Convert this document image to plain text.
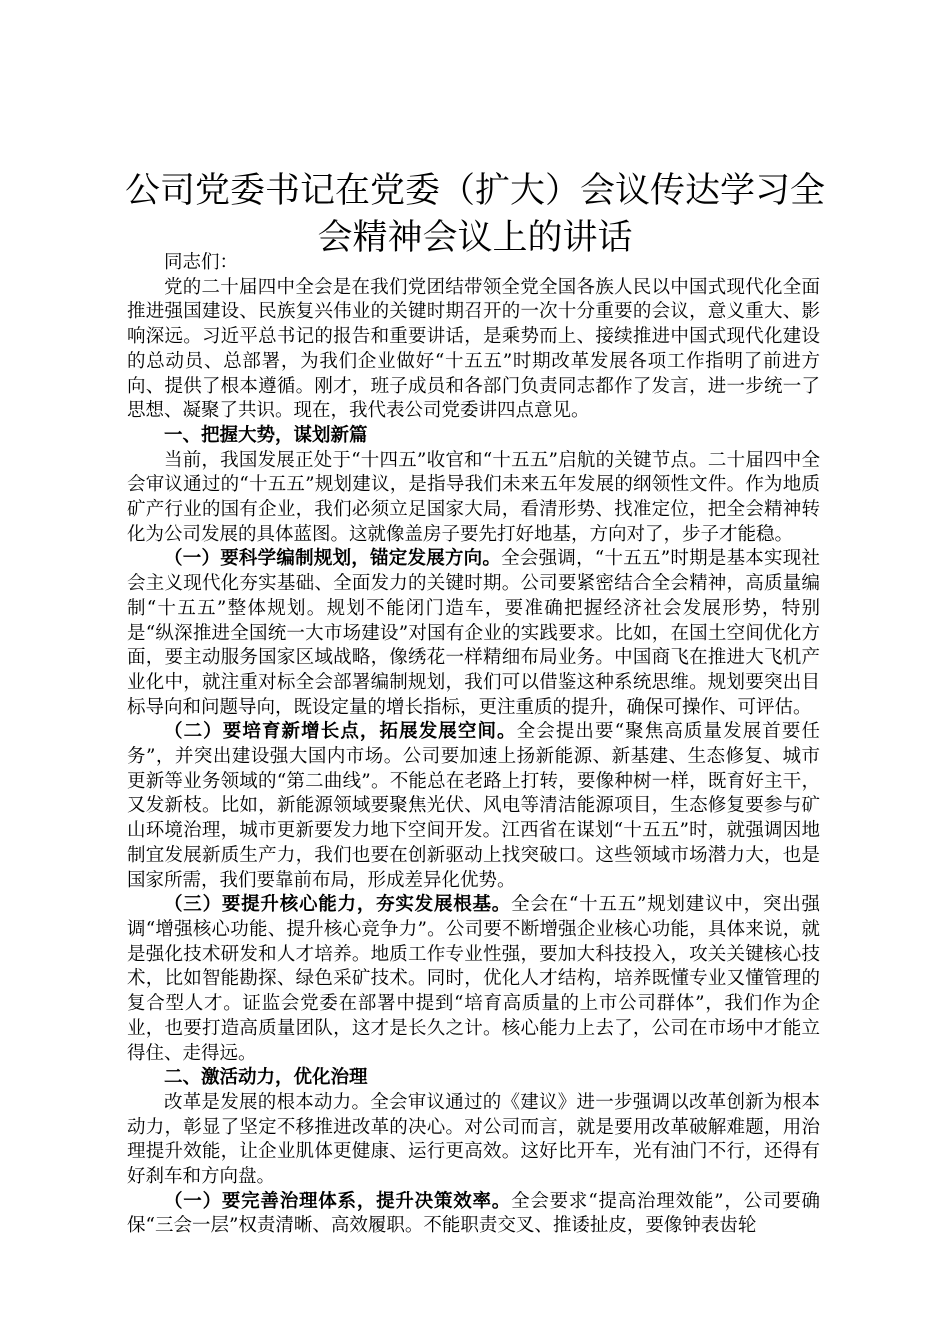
公司党委书记在党委（扩大）会议传达学习全会精神会议上的讲话

同志们：

党的二十届四中全会是在我们党团结带领全党全国各族人民以中国式现代化全面推进强国建设、民族复兴伟业的关键时期召开的一次十分重要的会议，意义重大、影响深远。习近平总书记的报告和重要讲话，是乘势而上、接续推进中国式现代化建设的总动员、总部署，为我们企业做好“十五五”时期改革发展各项工作指明了前进方向、提供了根本遵循。刚才，班子成员和各部门负责同志都作了发言，进一步统一了思想、凝聚了共识。现在，我代表公司党委讲四点意见。

一、把握大势，谋划新篇

当前，我国发展正处于“十四五”收官和“十五五”启航的关键节点。二十届四中全会审议通过的“十五五”规划建议，是指导我们未来五年发展的纲领性文件。作为地质矿产行业的国有企业，我们必须立足国家大局，看清形势、找准定位，把全会精神转化为公司发展的具体蓝图。这就像盖房子要先打好地基，方向对了，步子才能稳。

（一）要科学编制规划，锚定发展方向。全会强调，“十五五”时期是基本实现社会主义现代化夯实基础、全面发力的关键时期。公司要紧密结合全会精神，高质量编制“十五五”整体规划。规划不能闭门造车，要准确把握经济社会发展形势，特别是“纵深推进全国统一大市场建设”对国有企业的实践要求。比如，在国土空间优化方面，要主动服务国家区域战略，像绣花一样精细布局业务。中国商飞在推进大飞机产业化中，就注重对标全会部署编制规划，我们可以借鉴这种系统思维。规划要突出目标导向和问题导向，既设定量的增长指标，更注重质的提升，确保可操作、可评估。

（二）要培育新增长点，拓展发展空间。全会提出要“聚焦高质量发展首要任务”，并突出建设强大国内市场。公司要加速上扬新能源、新基建、生态修复、城市更新等业务领域的“第二曲线”。不能总在老路上打转，要像种树一样，既育好主干，又发新枝。比如，新能源领域要聚焦光伏、风电等清洁能源项目，生态修复要参与矿山环境治理，城市更新要发力地下空间开发。江西省在谋划“十五五”时，就强调因地制宜发展新质生产力，我们也要在创新驱动上找突破口。这些领域市场潜力大，也是国家所需，我们要靠前布局，形成差异化优势。

（三）要提升核心能力，夯实发展根基。全会在“十五五”规划建议中，突出强调“增强核心功能、提升核心竞争力”。公司要不断增强企业核心功能，具体来说，就是强化技术研发和人才培养。地质工作专业性强，要加大科技投入，攻关关键核心技术，比如智能勘探、绿色采矿技术。同时，优化人才结构，培养既懂专业又懂管理的复合型人才。证监会党委在部署中提到“培育高质量的上市公司群体”，我们作为企业，也要打造高质量团队，这才是长久之计。核心能力上去了，公司在市场中才能立得住、走得远。

二、激活动力，优化治理

改革是发展的根本动力。全会审议通过的《建议》进一步强调以改革创新为根本动力，彰显了坚定不移推进改革的决心。对公司而言，就是要用改革破解难题，用治理提升效能，让企业肌体更健康、运行更高效。这好比开车，光有油门不行，还得有好刹车和方向盘。

（一）要完善治理体系，提升决策效率。全会要求“提高治理效能”，公司要确保“三会一层”权责清晰、高效履职。不能职责交叉、推诿扯皮，要像钟表齿轮
